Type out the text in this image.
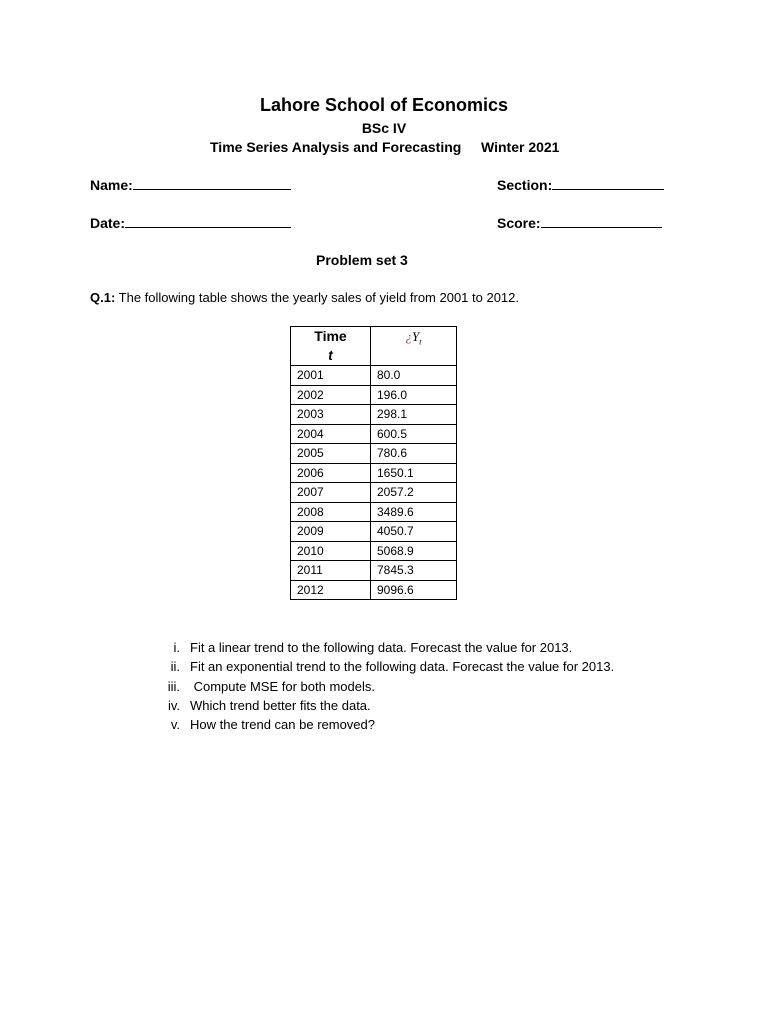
Lahore School of Economics
BSc IV
Time Series Analysis and Forecasting Winter 2021
Name:	Section:
Date:	Score:
Problem set 3
Q.1: The following table shows the yearly sales of yield from 2001 to 2012.
Time
t	¿$Y_t$
2001	80.0
2002	196.0
2003	298.1
2004	600.5
2005	780.6
2006	1650.1
2007	2057.2
2008	3489.6
2009	4050.7
2010	5068.9
2011	7845.3
2012	9096.6
i. Fit a linear trend to the following data. Forecast the value for 2013.
ii. Fit an exponential trend to the following data. Forecast the value for 2013.
iii. Compute MSE for both models.
iv. Which trend better fits the data.
v. How the trend can be removed?
